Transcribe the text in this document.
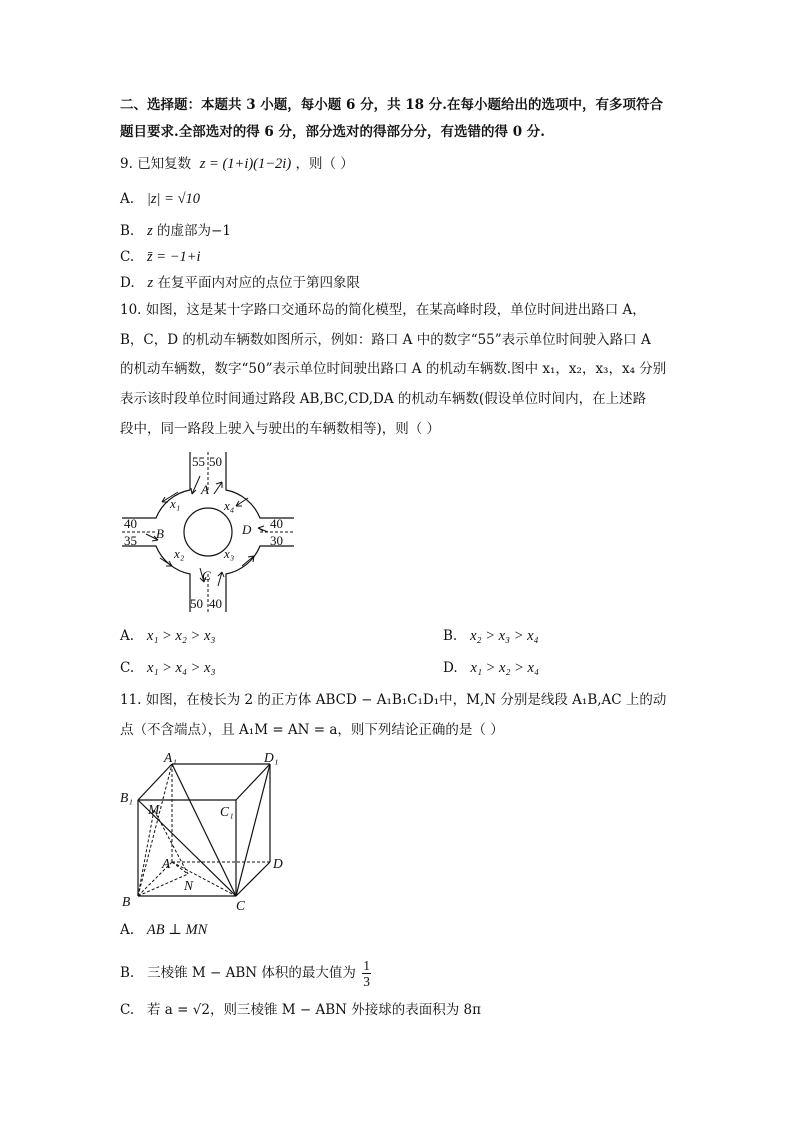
二、选择题：本题共 3 小题，每小题 6 分，共 18 分.在每小题给出的选项中，有多项符合
题目要求.全部选对的得 6 分，部分选对的得部分分，有选错的得 0 分.
9. 已知复数 z = (1+i)(1−2i) ，则（ ）
A. |z| = √10
B. z 的虚部为−1
C. z̄ = −1+i
D. z 在复平面内对应的点位于第四象限
10. 如图，这是某十字路口交通环岛的简化模型，在某高峰时段，单位时间进出路口 A，
B，C，D 的机动车辆数如图所示，例如：路口 A 中的数字“55”表示单位时间驶入路口 A
的机动车辆数，数字“50”表示单位时间驶出路口 A 的机动车辆数.图中 x₁，x₂，x₃，x₄ 分别
表示该时段单位时间通过路段 AB,BC,CD,DA 的机动车辆数(假设单位时间内，在上述路
段中，同一路段上驶入与驶出的车辆数相等)，则（ ）
55 50
40
35
40
30
50 40
A
B
C
D
x₁
x₂	x₃
x₄
A. x₁ > x₂ > x₃	B. x₂ > x₃ > x₄
C. x₁ > x₄ > x₃	D. x₁ > x₂ > x₄
11. 如图，在棱长为 2 的正方体 ABCD − A₁B₁C₁D₁中，M,N 分别是线段 A₁B,AC 上的动
点（不含端点），且 A₁M = AN = a，则下列结论正确的是（ ）
A₁	D₁
B₁
C₁
M
A
N
D
B	C
A. AB ⊥ MN
B. 三棱锥 M − ABN 体积的最大值为 $\frac{1}{3}$
C. 若 a = √2，则三棱锥 M − ABN 外接球的表面积为 8π
